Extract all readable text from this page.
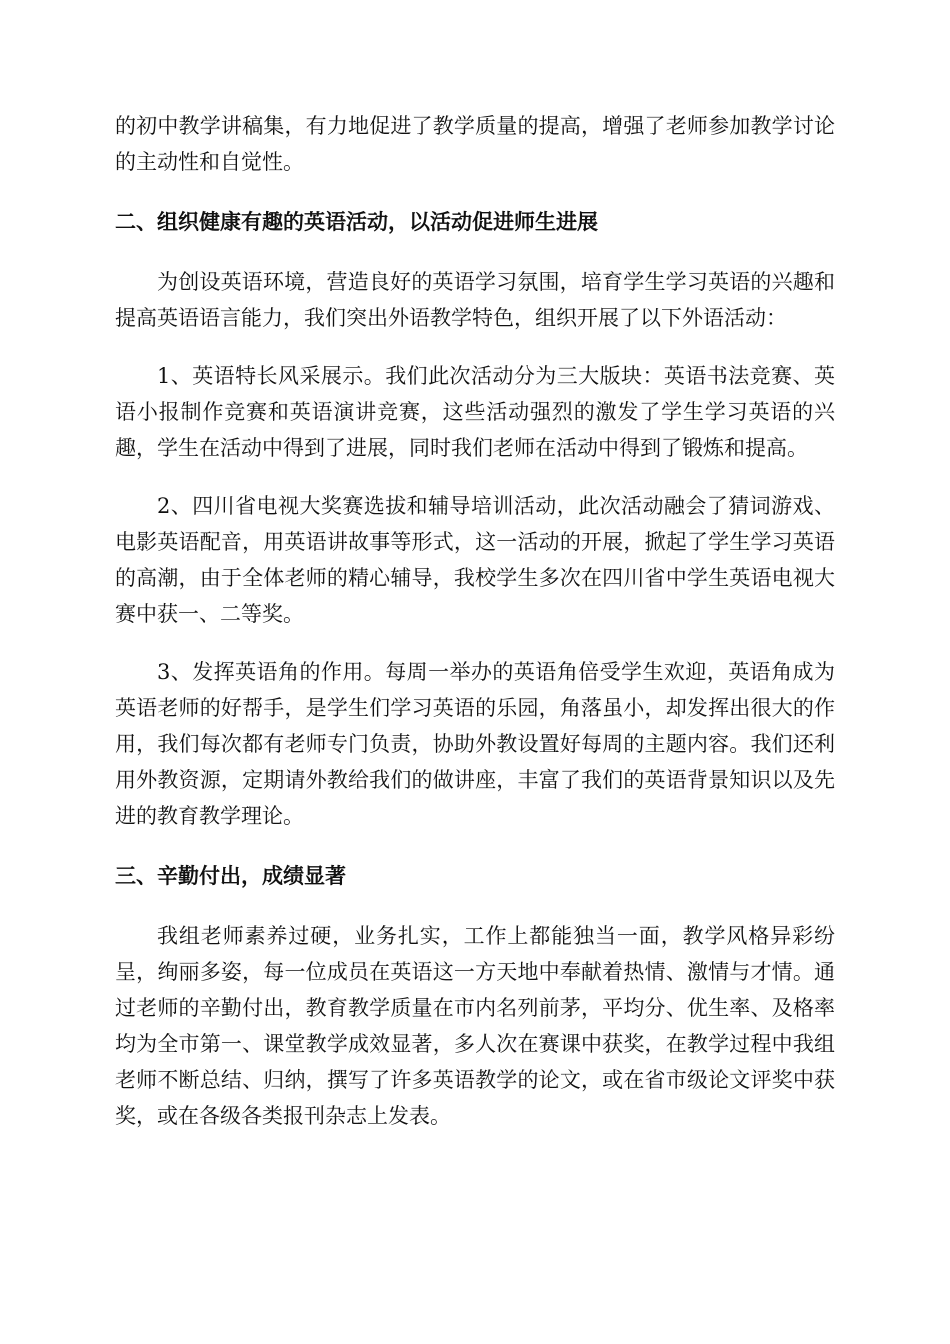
的初中教学讲稿集，有力地促进了教学质量的提高，增强了老师参加教学讨论的主动性和自觉性。

二、组织健康有趣的英语活动，以活动促进师生进展

为创设英语环境，营造良好的英语学习氛围，培育学生学习英语的兴趣和提高英语语言能力，我们突出外语教学特色，组织开展了以下外语活动：

1、英语特长风采展示。我们此次活动分为三大版块：英语书法竞赛、英语小报制作竞赛和英语演讲竞赛，这些活动强烈的激发了学生学习英语的兴趣，学生在活动中得到了进展，同时我们老师在活动中得到了锻炼和提高。

2、四川省电视大奖赛选拔和辅导培训活动，此次活动融会了猜词游戏、电影英语配音，用英语讲故事等形式，这一活动的开展，掀起了学生学习英语的高潮，由于全体老师的精心辅导，我校学生多次在四川省中学生英语电视大赛中获一、二等奖。

3、发挥英语角的作用。每周一举办的英语角倍受学生欢迎，英语角成为英语老师的好帮手，是学生们学习英语的乐园，角落虽小，却发挥出很大的作用，我们每次都有老师专门负责，协助外教设置好每周的主题内容。我们还利用外教资源，定期请外教给我们的做讲座，丰富了我们的英语背景知识以及先进的教育教学理论。

三、辛勤付出，成绩显著

我组老师素养过硬，业务扎实，工作上都能独当一面，教学风格异彩纷呈，绚丽多姿，每一位成员在英语这一方天地中奉献着热情、激情与才情。通过老师的辛勤付出，教育教学质量在市内名列前茅，平均分、优生率、及格率均为全市第一、课堂教学成效显著，多人次在赛课中获奖，在教学过程中我组老师不断总结、归纳，撰写了许多英语教学的论文，或在省市级论文评奖中获奖，或在各级各类报刊杂志上发表。
